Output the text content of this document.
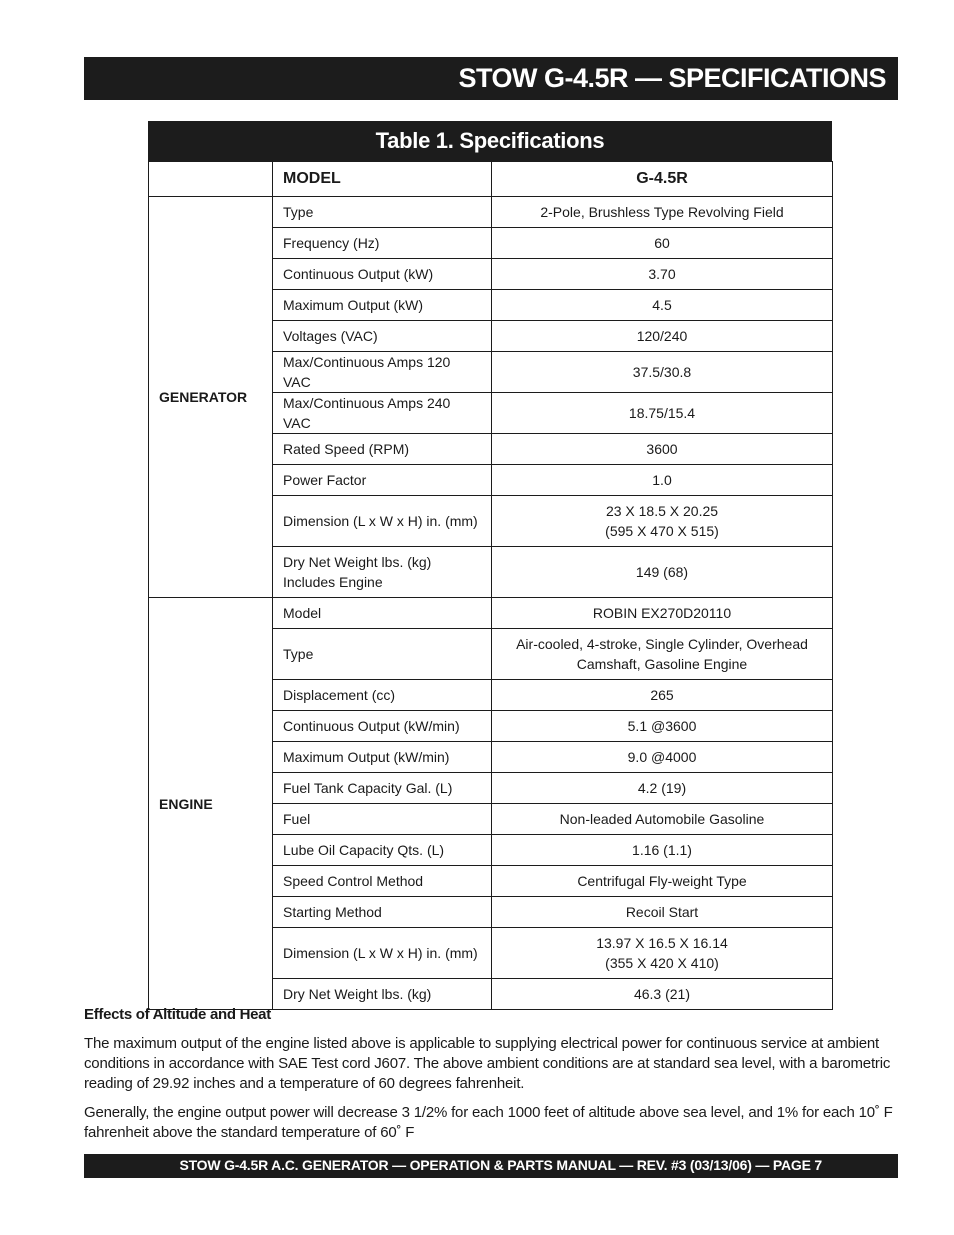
STOW G-4.5R — SPECIFICATIONS
Table 1. Specifications
	MODEL	G-4.5R
GENERATOR	Type	2-Pole, Brushless Type Revolving Field

	Frequency (Hz)	60

	Continuous Output (kW)	3.70

	Maximum Output (kW)	4.5

	Voltages (VAC)	120/240

	Max/Continuous Amps 120 VAC	37.5/30.8

	Max/Continuous Amps 240 VAC	18.75/15.4

	Rated Speed (RPM)	3600

	Power Factor	1.0

	Dimension (L x W x H) in. (mm)	23 X 18.5 X 20.25
(595 X 470 X 515)

	Dry Net Weight lbs. (kg)
Includes Engine	149 (68)

ENGINE	Model	ROBIN EX270D20110

	Type	Air-cooled, 4-stroke, Single Cylinder, Overhead
Camshaft, Gasoline Engine

	Displacement (cc)	265

	Continuous Output (kW/min)	5.1 @3600

	Maximum Output (kW/min)	9.0 @4000

	Fuel Tank Capacity Gal. (L)	4.2 (19)

	Fuel	Non-leaded Automobile Gasoline

	Lube Oil Capacity Qts. (L)	1.16 (1.1)

	Speed Control Method	Centrifugal Fly-weight Type

	Starting Method	Recoil Start

	Dimension (L x W x H) in. (mm)	13.97 X 16.5 X 16.14
(355 X 420 X 410)

	Dry Net Weight lbs. (kg)	46.3 (21)
Effects of Altitude and Heat
The maximum output of the engine listed above is applicable to supplying electrical power for continuous service at ambient conditions in accordance with SAE Test cord J607. The above ambient conditions are at standard sea level, with a barometric reading of 29.92 inches and a temperature of 60 degrees fahrenheit.
Generally, the engine output power will decrease 3 1/2% for each 1000 feet of altitude above sea level, and 1% for each 10˚ F fahrenheit above the standard temperature of 60˚ F
STOW G-4.5R A.C. GENERATOR — OPERATION & PARTS MANUAL — REV. #3 (03/13/06) — PAGE 7
